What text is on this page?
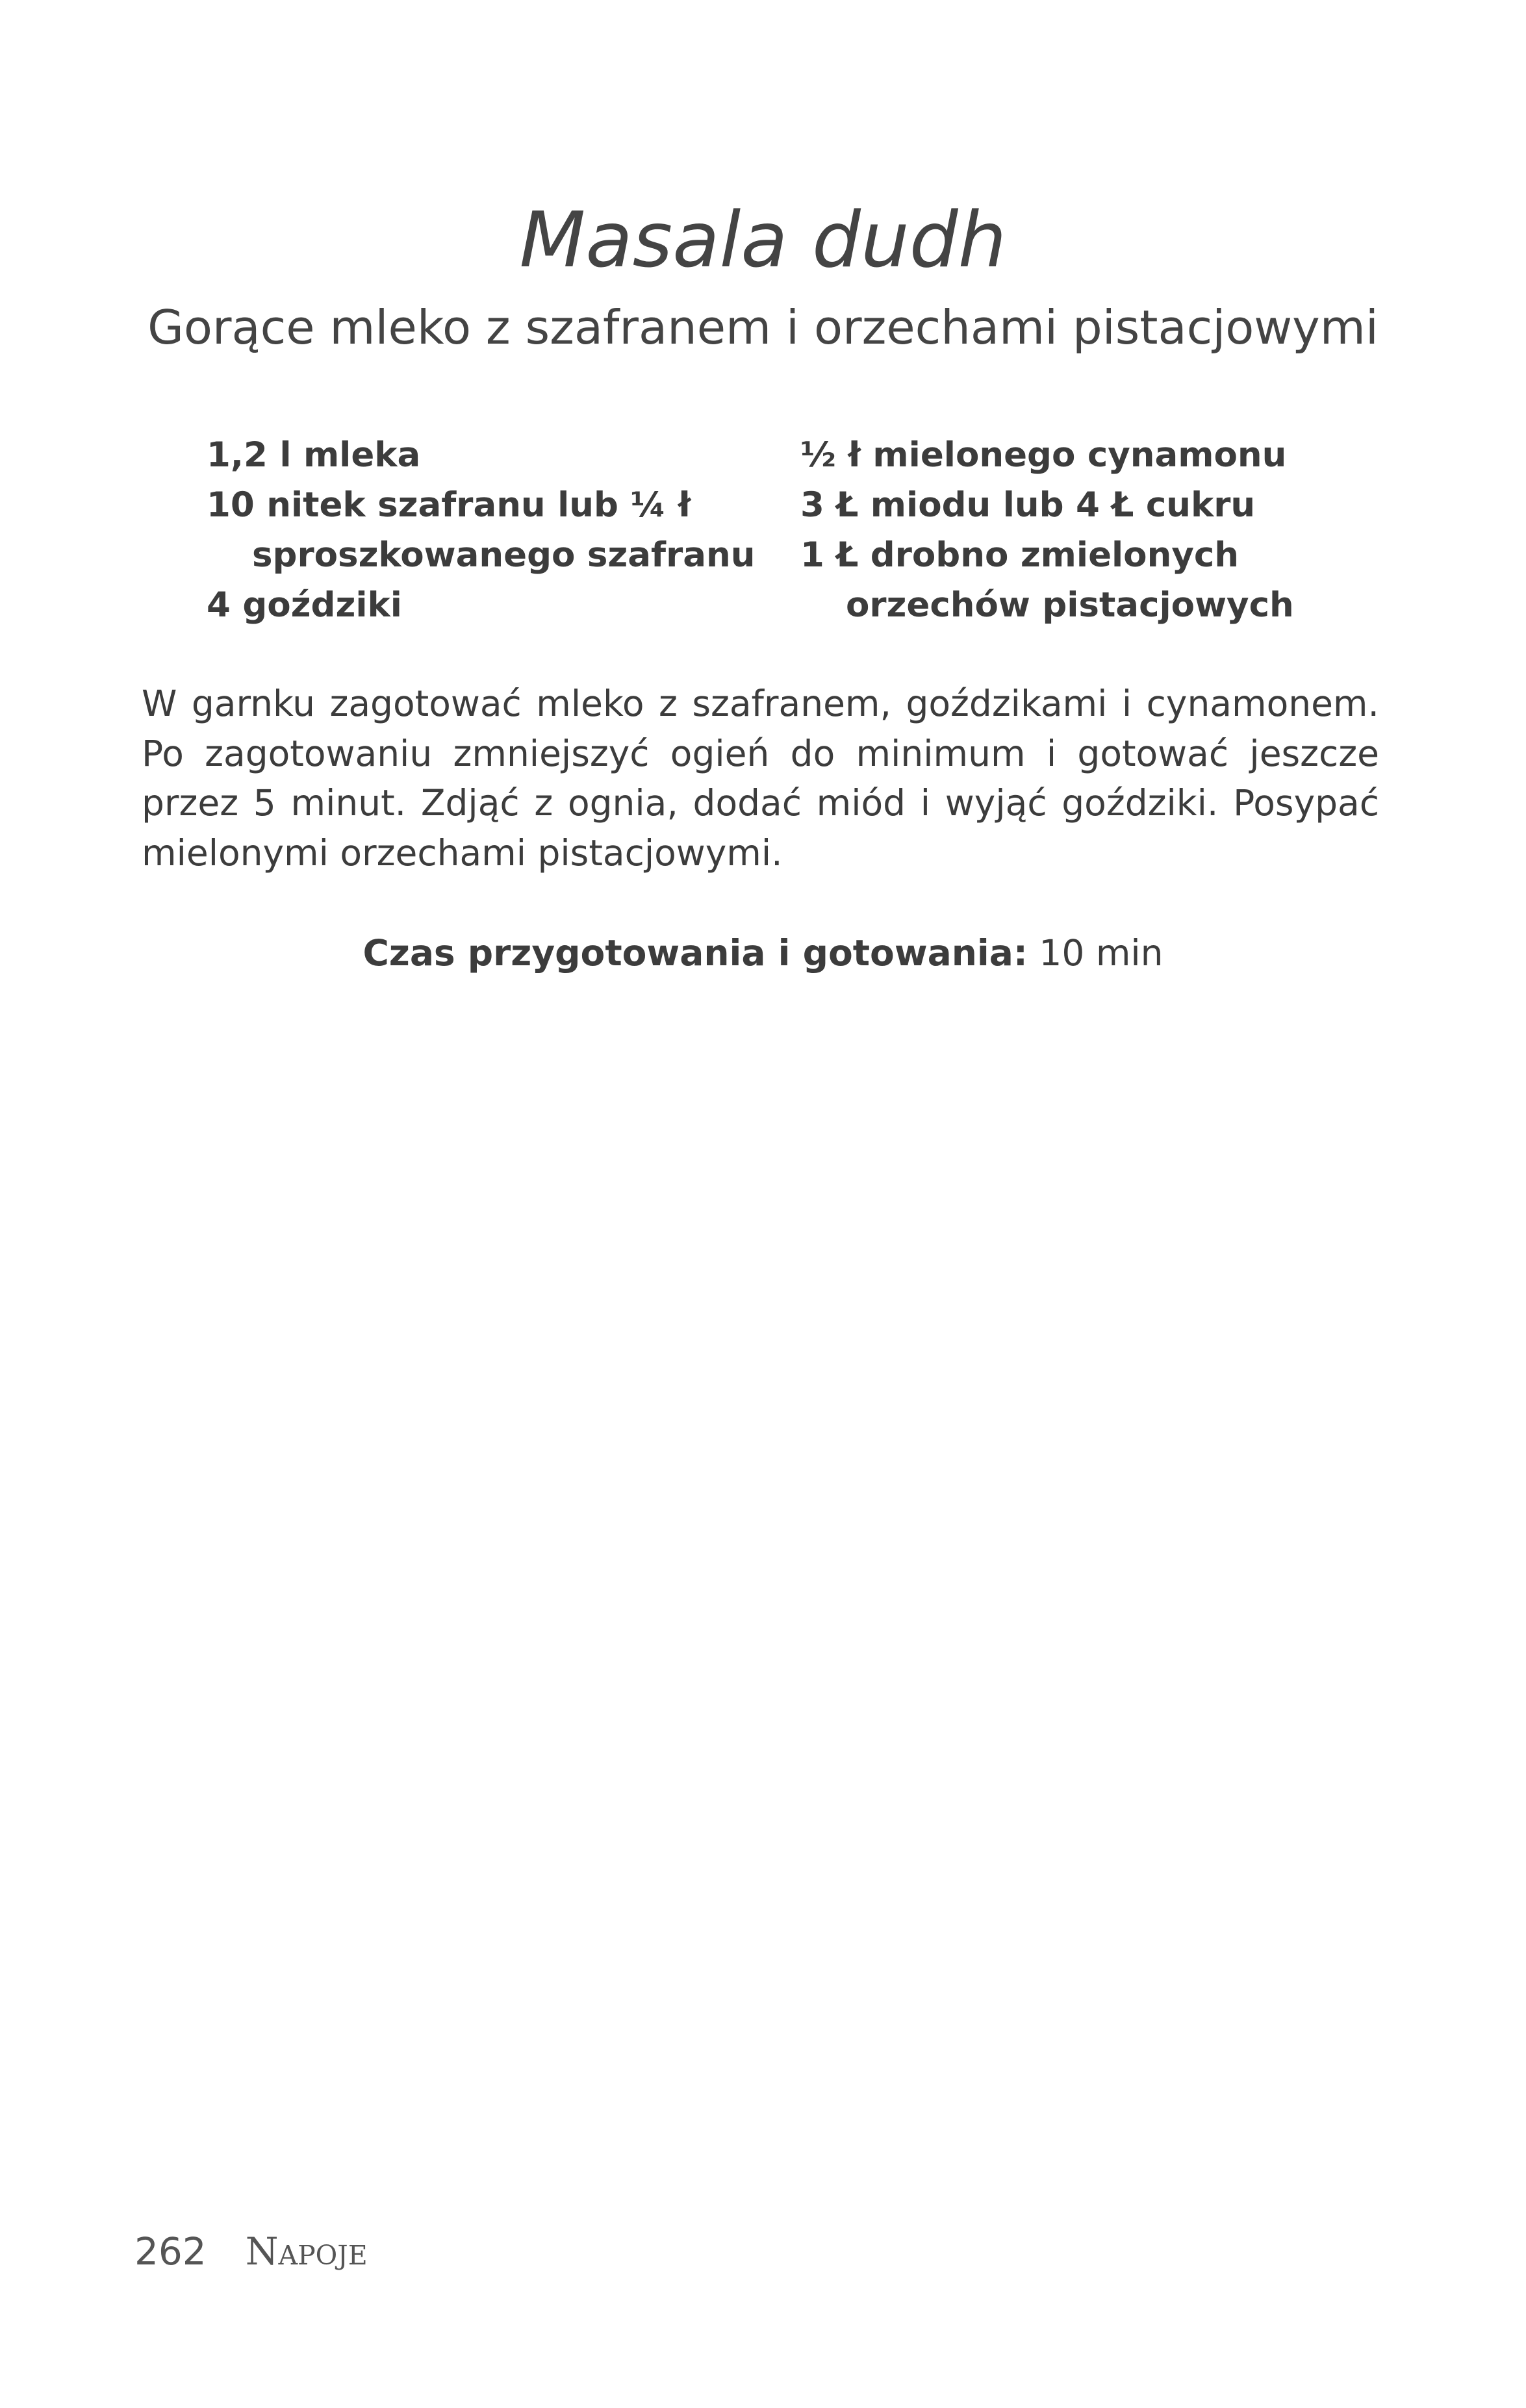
Masala dudh
Gorące mleko z szafranem i orzechami pistacjowymi
1,2 l mleka
10 nitek szafranu lub ¼ ł
sproszkowanego szafranu
4 goździki
½ ł mielonego cynamonu
3 Ł miodu lub 4 Ł cukru
1 Ł drobno zmielonych
orzechów pistacjowych
W garnku zagotować mleko z szafranem, goździkami i cynamonem. Po zagotowaniu zmniejszyć ogień do minimum i gotować jeszcze przez 5 minut. Zdjąć z ognia, dodać miód i wyjąć goździki. Posypać mielonymi orzechami pistacjowymi.
Czas przygotowania i gotowania: 10 min
262 Napoje
